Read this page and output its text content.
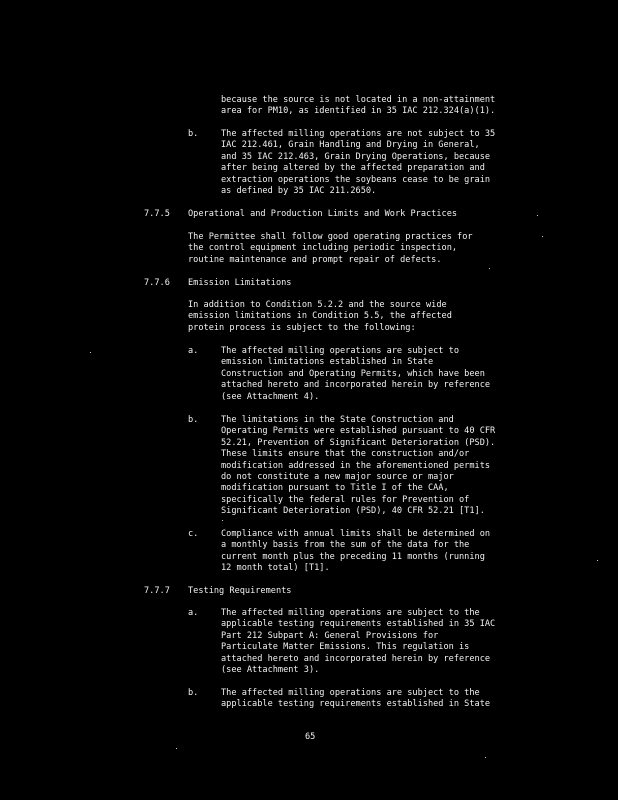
because the source is not located in a non-attainment
area for PM10, as identified in 35 IAC 212.324(a)(1).
b.	The affected milling operations are not subject to 35
IAC 212.461, Grain Handling and Drying in General,
and 35 IAC 212.463, Grain Drying Operations, because
after being altered by the affected preparation and
extraction operations the soybeans cease to be grain
as defined by 35 IAC 211.2650.
7.7.5 Operational and Production Limits and Work Practices
The Permittee shall follow good operating practices for
the control equipment including periodic inspection,
routine maintenance and prompt repair of defects.
7.7.6 Emission Limitations
In addition to Condition 5.2.2 and the source wide
emission limitations in Condition 5.5, the affected
protein process is subject to the following:
a.	The affected milling operations are subject to
emission limitations established in State
Construction and Operating Permits, which have been
attached hereto and incorporated herein by reference
(see Attachment 4).
b.	The limitations in the State Construction and
Operating Permits were established pursuant to 40 CFR
52.21, Prevention of Significant Deterioration (PSD).
These limits ensure that the construction and/or
modification addressed in the aforementioned permits
do not constitute a new major source or major
modification pursuant to Title I of the CAA,
specifically the federal rules for Prevention of
Significant Deterioration (PSD), 40 CFR 52.21 [T1].
c.	Compliance with annual limits shall be determined on
a monthly basis from the sum of the data for the
current month plus the preceding 11 months (running
12 month total) [T1].
7.7.7 Testing Requirements
a.	The affected milling operations are subject to the
applicable testing requirements established in 35 IAC
Part 212 Subpart A: General Provisions for
Particulate Matter Emissions. This regulation is
attached hereto and incorporated herein by reference
(see Attachment 3).
b.	The affected milling operations are subject to the
applicable testing requirements established in State
65
